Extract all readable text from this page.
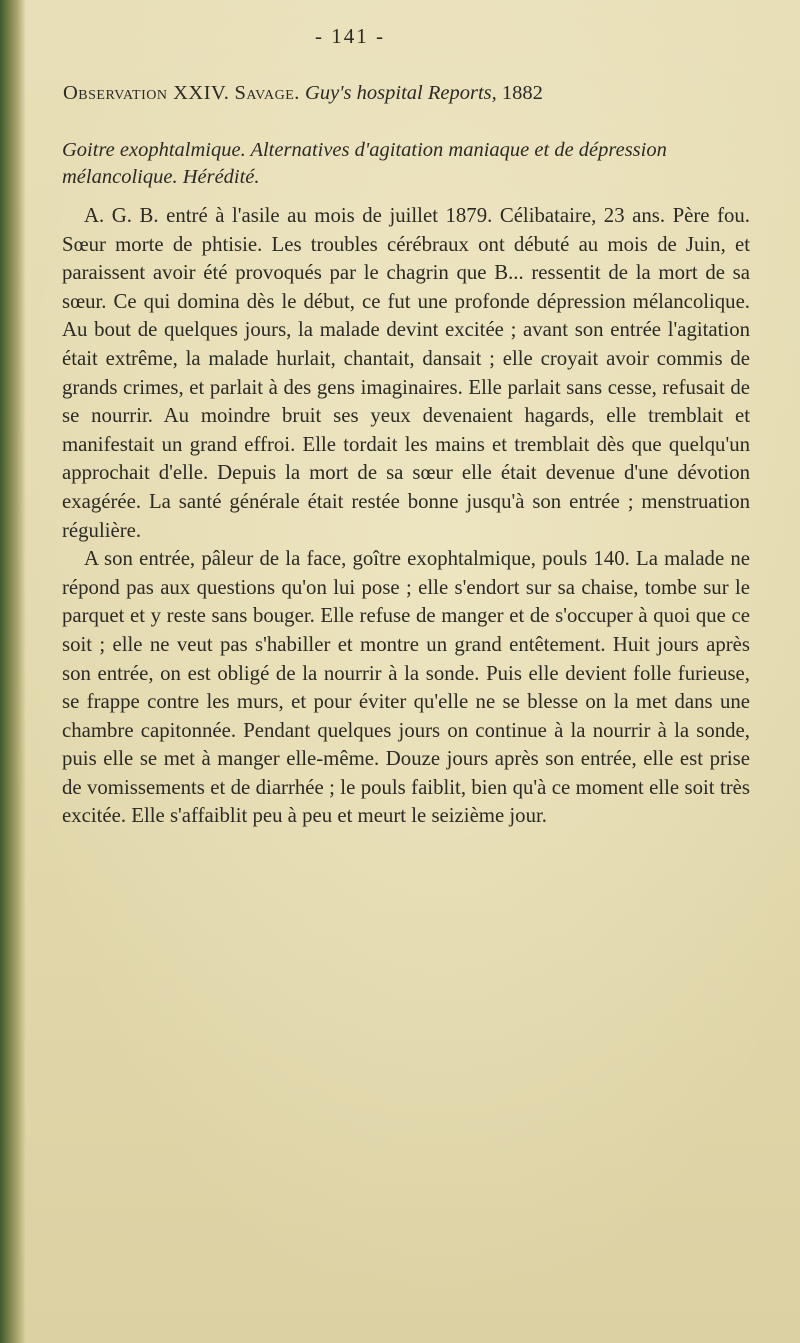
- 141 -
Observation XXIV. Savage. Guy's hospital Reports, 1882
Goitre exophtalmique. Alternatives d'agitation maniaque et de dépression mélancolique. Hérédité.

A. G. B. entré à l'asile au mois de juillet 1879. Célibataire, 23 ans. Père fou. Sœur morte de phtisie. Les troubles cérébraux ont débuté au mois de Juin, et paraissent avoir été provoqués par le chagrin que B... ressentit de la mort de sa sœur. Ce qui domina dès le début, ce fut une profonde dépression mélancolique. Au bout de quelques jours, la malade devint excitée ; avant son entrée l'agitation était extrême, la malade hurlait, chantait, dansait ; elle croyait avoir commis de grands crimes, et parlait à des gens imaginaires. Elle parlait sans cesse, refusait de se nourrir. Au moindre bruit ses yeux devenaient hagards, elle tremblait et manifestait un grand effroi. Elle tordait les mains et tremblait dès que quelqu'un approchait d'elle. Depuis la mort de sa sœur elle était devenue d'une dévotion exagérée. La santé générale était restée bonne jusqu'à son entrée ; menstruation régulière.

A son entrée, pâleur de la face, goître exophtalmique, pouls 140. La malade ne répond pas aux questions qu'on lui pose ; elle s'endort sur sa chaise, tombe sur le parquet et y reste sans bouger. Elle refuse de manger et de s'occuper à quoi que ce soit ; elle ne veut pas s'habiller et montre un grand entêtement. Huit jours après son entrée, on est obligé de la nourrir à la sonde. Puis elle devient folle furieuse, se frappe contre les murs, et pour éviter qu'elle ne se blesse on la met dans une chambre capitonnée. Pendant quelques jours on continue à la nourrir à la sonde, puis elle se met à manger elle-même. Douze jours après son entrée, elle est prise de vomissements et de diarrhée ; le pouls faiblit, bien qu'à ce moment elle soit très excitée. Elle s'affaiblit peu à peu et meurt le seizième jour.
